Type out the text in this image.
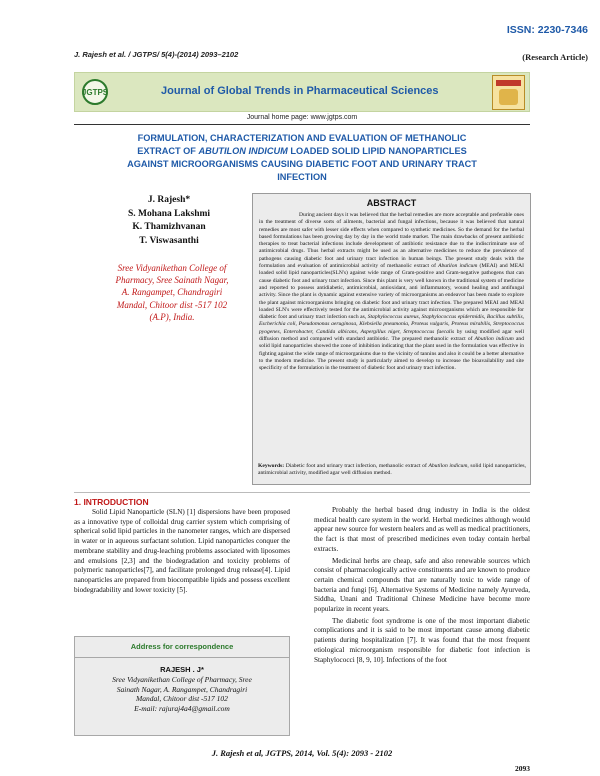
ISSN: 2230-7346
J. Rajesh et al. / JGTPS/ 5(4)-(2014) 2093–2102	(Research Article)
JGTPS	Journal of Global Trends in Pharmaceutical Sciences
Journal home page: www.jgtps.com
FORMULATION, CHARACTERIZATION AND EVALUATION OF METHANOLIC
EXTRACT OF ABUTILON INDICUM LOADED SOLID LIPID NANOPARTICLES
AGAINST MICROORGANISMS CAUSING DIABETIC FOOT AND URINARY TRACT
INFECTION
J. Rajesh*
S. Mohana Lakshmi
K. Thamizhvanan
T. Viswasanthi
Sree Vidyanikethan College of
Pharmacy, Sree Sainath Nagar,
A. Rangampet, Chandragiri
Mandal, Chitoor dist -517 102
(A.P), India.
ABSTRACT
During ancient days it was believed that the herbal remedies are more acceptable and preferable ones in the treatment of diverse sorts of ailments, bacterial and fungal infections, because it was believed that natural remedies are most safer with lesser side effects when compared to synthetic medicines. So the demand for the herbal based formulations has been growing day by day in the world trade market. The main drawbacks of present antibiotic therapies to treat bacterial infections include development of antibiotic resistance due to the indiscriminate use of antimicrobial drugs. Thus herbal extracts might be used as an alternative medicines to reduce the prevalence of pathogens causing diabetic foot and urinary tract infection in human beings. The present study deals with the formulation and evaluation of antimicrobial activity of methanolic extract of Abutilon indicum (MEAI) and MEAI loaded solid lipid nanoparticles(SLN's) against wide range of Gram-positive and Gram-negative pathogens that can cause diabetic foot and urinary tract infection. Since this plant is very well known in the traditional system of medicine and reported to possess antidiabetic, antimicrobial, antioxidant, anti inflammatory, wound healing and antifungal activity. Since the plant is dynamic against extensive variety of microorganisms an endeavor has been made to explore the plant against microorganisms bringing on diabetic foot and urinary tract infection. The prepared MEAI and MEAI loaded SLN's were effectively tested for the antimicrobial activity against microorganisms which are responsible for diabetic foot and urinary tract infection such as, Staphylococcus aureus, Staphylococcus epidermidis, Bacillus subtilis, Escherichia coli, Pseudomonas aeruginosa, Klebsiella pneumonia, Proteus vulgaris, Proteus mirabilis, Streptococcus pyogenes, Enterobacter, Candida albicans, Aspergillus niger, Streptococcus faecalis by using modified agar well diffusion method and compared with standard antibiotic. The prepared methanolic extract of Abutilon indicum and solid lipid nanoparticles showed the zone of inhibition indicating that the plant used in the formulation was effective in fighting against the wide range of microorganisms due to the vicinity of tannins and also it could be a better alternative to the modern medicine. The present study is particularly aimed to develop to increase the bioavailability and site specificity of the formulation in the treatment of diabetic foot and urinary tract infection.
Keywords: Diabetic foot and urinary tract infection, methanolic extract of Abutilon indicum, solid lipid nanoparticles, antimicrobial activity, modified agar well diffusion method.
1. INTRODUCTION

Solid Lipid Nanoparticle (SLN) [1] dispersions have been proposed as a innovative type of colloidal drug carrier system which comprising of spherical solid lipid particles in the nanometer ranges, which are dispersed in water or in aqueous surfactant solution. Lipid nanoparticles conquer the membrane stability and drug-leaching problems associated with liposomes and emulsions [2,3] and the biodegradation and toxicity problems of polymeric nanoparticles[7], and facilitate prolonged drug release[4]. Lipid nanoparticles are prepared from biocompatible lipids and possess excellent biodegradability and lower toxicity [5].

Address for correspondence
RAJESH . J*
Sree Vidyanikethan College of Pharmacy, Sree
Sainath Nagar, A. Rangampet, Chandragiri
Mandal, Chitoor dist -517 102
E-mail: rajuraj4a4@gmail.com

Probably the herbal based drug industry in India is the oldest medical health care system in the world. Herbal medicines although would appear new source for western healers and as well as medical practitioners, the fact is that most of prescribed medicines even today contain herbal extracts.

Medicinal herbs are cheap, safe and also renewable sources which consist of pharmacologically active constituents and are known to produce certain chemical compounds that are naturally toxic to wide range of bacteria and fungi [6]. Alternative Systems of Medicine namely Ayurveda, Siddha, Unani and Traditional Chinese Medicine have become more popularize in recent years.

The diabetic foot syndrome is one of the most important diabetic complications and it is said to be most important cause among diabetic patients during hospitalization [7]. It was found that the most frequent etiological microorganism responsible for diabetic foot infection is Staphylococci [8, 9, 10]. Infections of the foot

J. Rajesh et al, JGTPS, 2014, Vol. 5(4): 2093 - 2102
2093
